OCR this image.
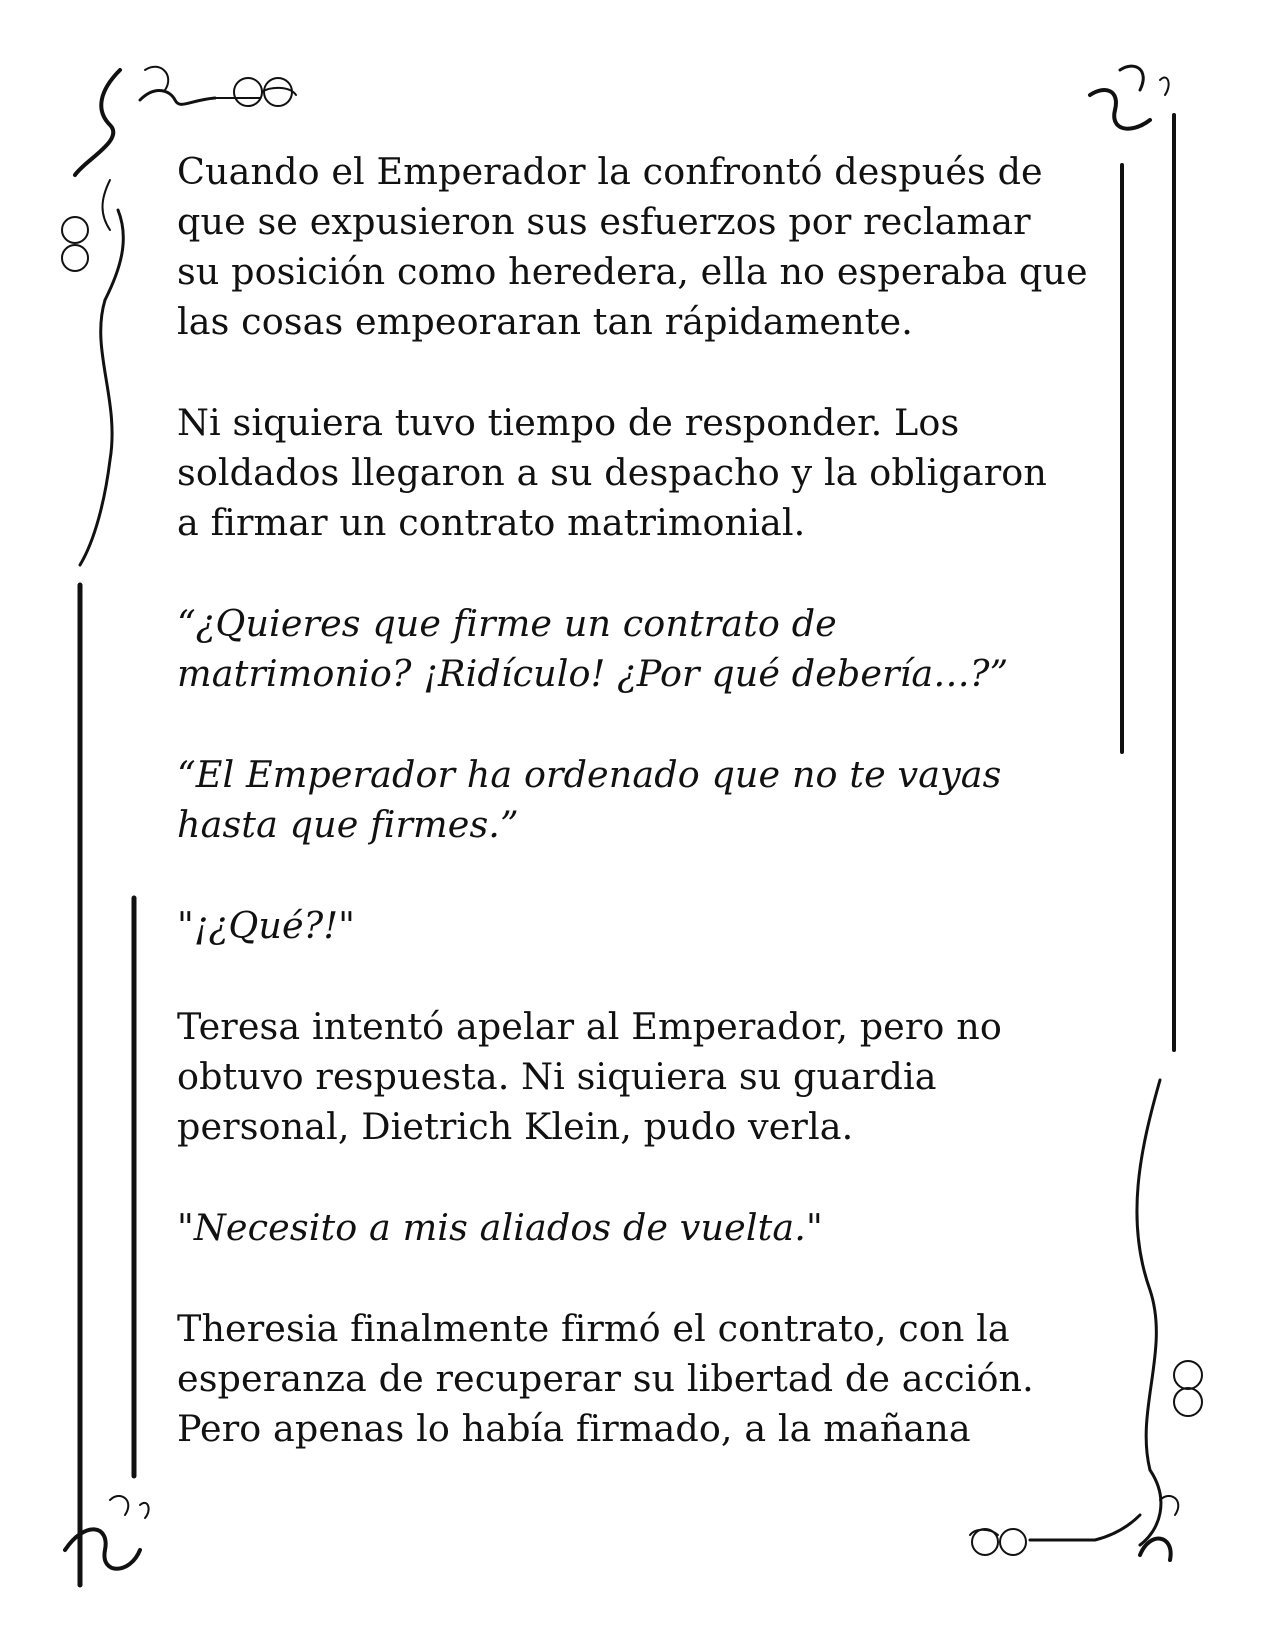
Cuando el Emperador la confrontó después de
que se expusieron sus esfuerzos por reclamar
su posición como heredera, ella no esperaba que
las cosas empeoraran tan rápidamente.

Ni siquiera tuvo tiempo de responder. Los
soldados llegaron a su despacho y la obligaron
a firmar un contrato matrimonial.

“¿Quieres que firme un contrato de
matrimonio? ¡Ridículo! ¿Por qué debería…?”

“El Emperador ha ordenado que no te vayas
hasta que firmes.”

"¡¿Qué?!"

Teresa intentó apelar al Emperador, pero no
obtuvo respuesta. Ni siquiera su guardia
personal, Dietrich Klein, pudo verla.

"Necesito a mis aliados de vuelta."

Theresia finalmente firmó el contrato, con la
esperanza de recuperar su libertad de acción.
Pero apenas lo había firmado, a la mañana
